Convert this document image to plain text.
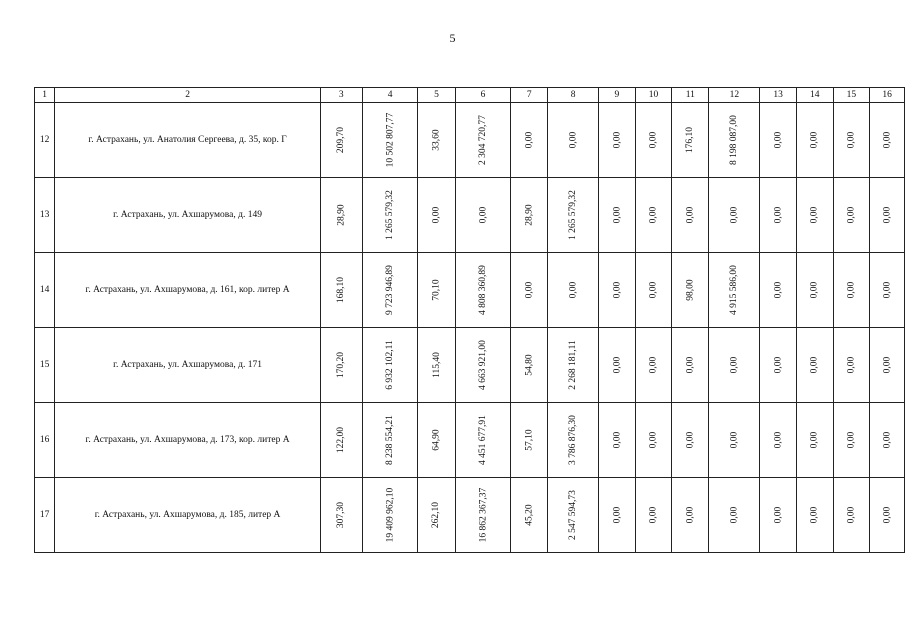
5
1	2	3	4	5	6	7	8	9	10	11	12	13	14	15	16
12	г. Астрахань, ул. Анатолия Сергеева, д. 35, кор. Г	209,70	10 502 807,77	33,60	2 304 720,77	0,00	0,00	0,00	0,00	176,10	8 198 087,00	0,00	0,00	0,00	0,00
13	г. Астрахань, ул. Ахшарумова, д. 149	28,90	1 265 579,32	0,00	0,00	28,90	1 265 579,32	0,00	0,00	0,00	0,00	0,00	0,00	0,00	0,00
14	г. Астрахань, ул. Ахшарумова, д. 161, кор. литер А	168,10	9 723 946,89	70,10	4 808 360,89	0,00	0,00	0,00	0,00	98,00	4 915 586,00	0,00	0,00	0,00	0,00
15	г. Астрахань, ул. Ахшарумова, д. 171	170,20	6 932 102,11	115,40	4 663 921,00	54,80	2 268 181,11	0,00	0,00	0,00	0,00	0,00	0,00	0,00	0,00
16	г. Астрахань, ул. Ахшарумова, д. 173, кор. литер А	122,00	8 238 554,21	64,90	4 451 677,91	57,10	3 786 876,30	0,00	0,00	0,00	0,00	0,00	0,00	0,00	0,00
17	г. Астрахань, ул. Ахшарумова, д. 185, литер А	307,30	19 409 962,10	262,10	16 862 367,37	45,20	2 547 594,73	0,00	0,00	0,00	0,00	0,00	0,00	0,00	0,00
